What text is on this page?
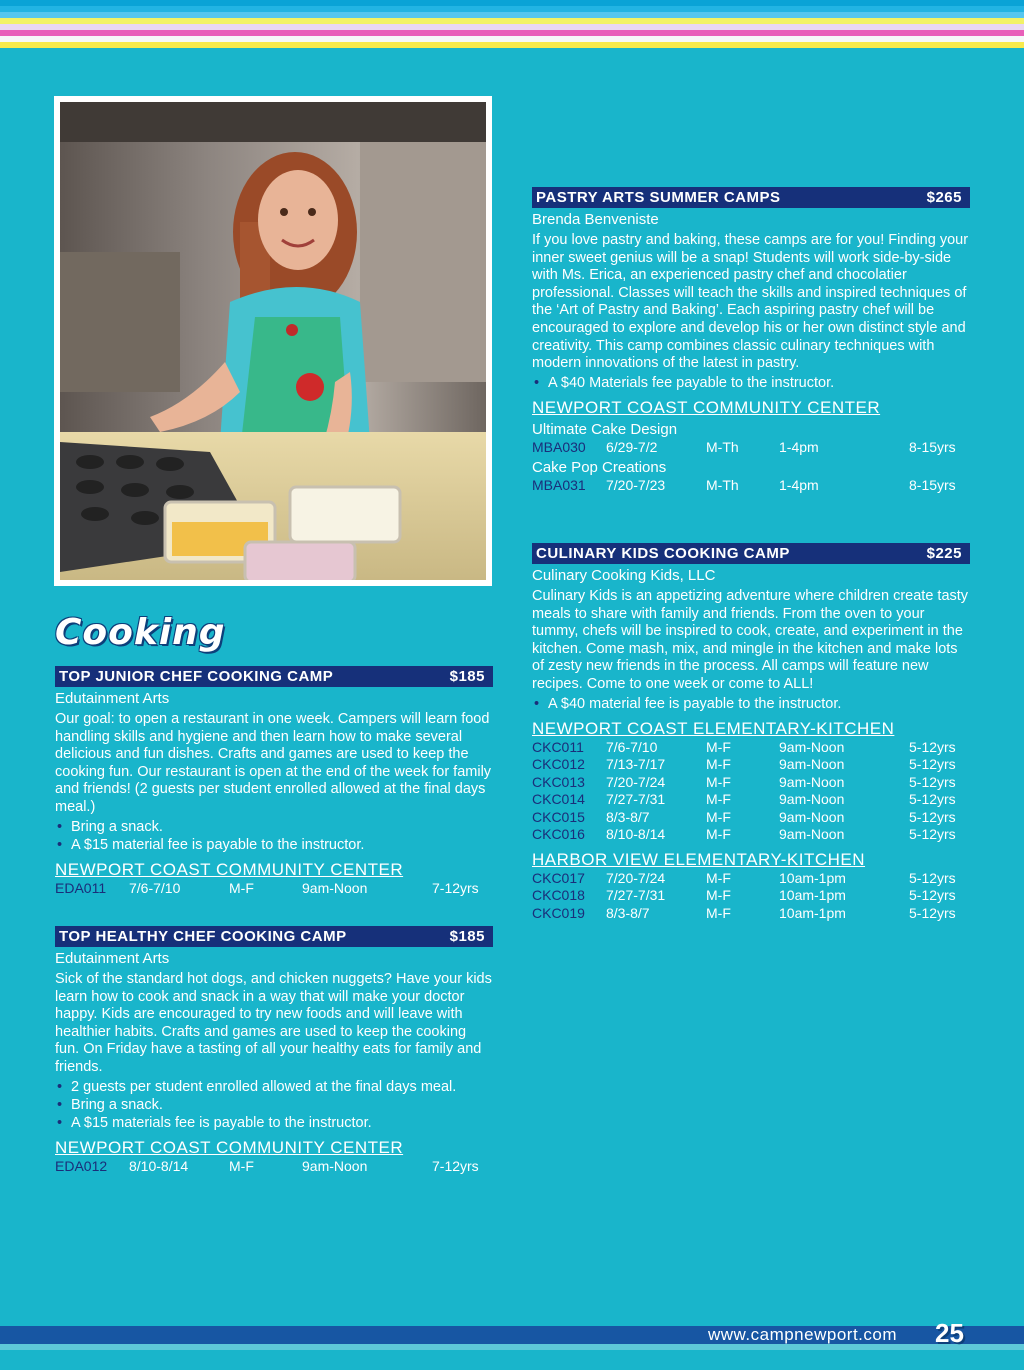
Cooking
TOP JUNIOR CHEF COOKING CAMP	$185
Edutainment Arts
Our goal: to open a restaurant in one week. Campers will learn food handling skills and hygiene and then learn how to make several delicious and fun dishes. Crafts and games are used to keep the cooking fun. Our restaurant is open at the end of the week for family and friends! (2 guests per student enrolled allowed at the final days meal.)
• Bring a snack.
• A $15 material fee is payable to the instructor.
NEWPORT COAST COMMUNITY CENTER
EDA011	7/6-7/10	M-F	9am-Noon	7-12yrs
TOP HEALTHY CHEF COOKING CAMP	$185
Edutainment Arts
Sick of the standard hot dogs, and chicken nuggets? Have your kids learn how to cook and snack in a way that will make your doctor happy. Kids are encouraged to try new foods and will leave with healthier habits. Crafts and games are used to keep the cooking fun. On Friday have a tasting of all your healthy eats for family and friends.
• 2 guests per student enrolled allowed at the final days meal.
• Bring a snack.
• A $15 materials fee is payable to the instructor.
NEWPORT COAST COMMUNITY CENTER
EDA012	8/10-8/14	M-F	9am-Noon	7-12yrs
PASTRY ARTS SUMMER CAMPS	$265
Brenda Benveniste
If you love pastry and baking, these camps are for you! Finding your inner sweet genius will be a snap! Students will work side-by-side with Ms. Erica, an experienced pastry chef and chocolatier professional. Classes will teach the skills and inspired techniques of the ‘Art of Pastry and Baking’. Each aspiring pastry chef will be encouraged to explore and develop his or her own distinct style and creativity. This camp combines classic culinary techniques with modern innovations of the latest in pastry.
• A $40 Materials fee payable to the instructor.
NEWPORT COAST COMMUNITY CENTER
Ultimate Cake Design
MBA030	6/29-7/2	M-Th	1-4pm	8-15yrs
Cake Pop Creations
MBA031	7/20-7/23	M-Th	1-4pm	8-15yrs
CULINARY KIDS COOKING CAMP	$225
Culinary Cooking Kids, LLC
Culinary Kids is an appetizing adventure where children create tasty meals to share with family and friends. From the oven to your tummy, chefs will be inspired to cook, create, and experiment in the kitchen. Come mash, mix, and mingle in the kitchen and make lots of zesty new friends in the process. All camps will feature new recipes. Come to one week or come to ALL!
• A $40 material fee is payable to the instructor.
NEWPORT COAST ELEMENTARY-KITCHEN
CKC011	7/6-7/10	M-F	9am-Noon	5-12yrs
CKC012	7/13-7/17	M-F	9am-Noon	5-12yrs
CKC013	7/20-7/24	M-F	9am-Noon	5-12yrs
CKC014	7/27-7/31	M-F	9am-Noon	5-12yrs
CKC015	8/3-8/7	M-F	9am-Noon	5-12yrs
CKC016	8/10-8/14	M-F	9am-Noon	5-12yrs
HARBOR VIEW ELEMENTARY-KITCHEN
CKC017	7/20-7/24	M-F	10am-1pm	5-12yrs
CKC018	7/27-7/31	M-F	10am-1pm	5-12yrs
CKC019	8/3-8/7	M-F	10am-1pm	5-12yrs
www.campnewport.com 25
